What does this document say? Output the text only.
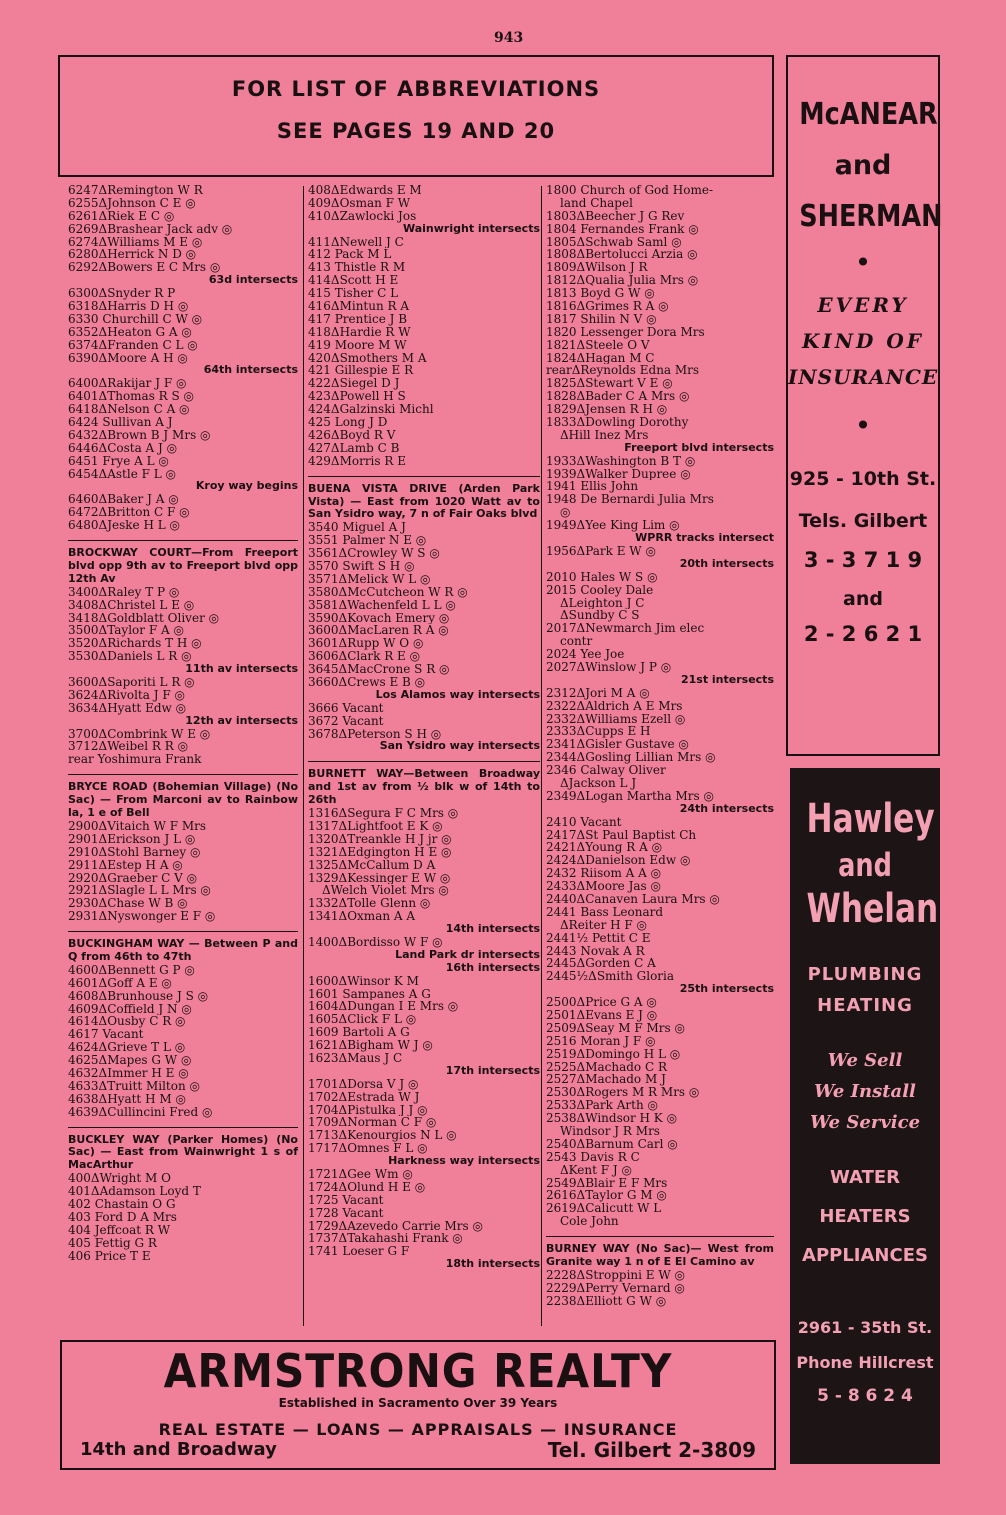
943
FOR LIST OF ABBREVIATIONS
SEE PAGES 19 AND 20
6247ΔRemington W R
6255ΔJohnson C E ◎
6261ΔRiek E C ◎
6269ΔBrashear Jack adv ◎
6274ΔWilliams M E ◎
6280ΔHerrick N D ◎
6292ΔBowers E C Mrs ◎
63d intersects
6300ΔSnyder R P
6318ΔHarris D H ◎
6330 Churchill C W ◎
6352ΔHeaton G A ◎
6374ΔFranden C L ◎
6390ΔMoore A H ◎
64th intersects
6400ΔRakijar J F ◎
6401ΔThomas R S ◎
6418ΔNelson C A ◎
6424 Sullivan A J
6432ΔBrown B J Mrs ◎
6446ΔCosta A J ◎
6451 Frye A L ◎
6454ΔAstle F L ◎
Kroy way begins
6460ΔBaker J A ◎
6472ΔBritton C F ◎
6480ΔJeske H L ◎
BROCKWAY COURT—From Freeport blvd opp 9th av to Freeport blvd opp 12th Av
3400ΔRaley T P ◎
3408ΔChristel L E ◎
3418ΔGoldblatt Oliver ◎
3500ΔTaylor F A ◎
3520ΔRichards T H ◎
3530ΔDaniels L R ◎
11th av intersects
3600ΔSaporiti L R ◎
3624ΔRivolta J F ◎
3634ΔHyatt Edw ◎
12th av intersects
3700ΔCombrink W E ◎
3712ΔWeibel R R ◎
rear Yoshimura Frank
BRYCE ROAD (Bohemian Village) (No Sac) — From Marconi av to Rainbow la, 1 e of Bell
2900ΔVitaich W F Mrs
2901ΔErickson J L ◎
2910ΔStohl Barney ◎
2911ΔEstep H A ◎
2920ΔGraeber C V ◎
2921ΔSlagle L L Mrs ◎
2930ΔChase W B ◎
2931ΔNyswonger E F ◎
BUCKINGHAM WAY — Between P and Q from 46th to 47th
4600ΔBennett G P ◎
4601ΔGoff A E ◎
4608ΔBrunhouse J S ◎
4609ΔCoffield J N ◎
4614ΔOusby C R ◎
4617 Vacant
4624ΔGrieve T L ◎
4625ΔMapes G W ◎
4632ΔImmer H E ◎
4633ΔTruitt Milton ◎
4638ΔHyatt H M ◎
4639ΔCullincini Fred ◎
BUCKLEY WAY (Parker Homes) (No Sac) — East from Wainwright 1 s of MacArthur
400ΔWright M O
401ΔAdamson Loyd T
402 Chastain O G
403 Ford D A Mrs
404 Jeffcoat R W
405 Fettig G R
406 Price T E
408ΔEdwards E M
409ΔOsman F W
410ΔZawlocki Jos
Wainwright intersects
411ΔNewell J C
412 Pack M L
413 Thistle R M
414ΔScott H E
415 Tisher C L
416ΔMintun R A
417 Prentice J B
418ΔHardie R W
419 Moore M W
420ΔSmothers M A
421 Gillespie E R
422ΔSiegel D J
423ΔPowell H S
424ΔGalzinski Michl
425 Long J D
426ΔBoyd R V
427ΔLamb C B
429ΔMorris R E
BUENA VISTA DRIVE (Arden Park Vista) — East from 1020 Watt av to San Ysidro way, 7 n of Fair Oaks blvd
3540 Miguel A J
3551 Palmer N E ◎
3561ΔCrowley W S ◎
3570 Swift S H ◎
3571ΔMelick W L ◎
3580ΔMcCutcheon W R ◎
3581ΔWachenfeld L L ◎
3590ΔKovach Emery ◎
3600ΔMacLaren R A ◎
3601ΔRupp W O ◎
3606ΔClark R E ◎
3645ΔMacCrone S R ◎
3660ΔCrews E B ◎
Los Alamos way intersects
3666 Vacant
3672 Vacant
3678ΔPeterson S H ◎
San Ysidro way intersects
BURNETT WAY—Between Broadway and 1st av from ½ blk w of 14th to 26th
1316ΔSegura F C Mrs ◎
1317ΔLightfoot E K ◎
1320ΔTreankle H J jr ◎
1321ΔEdgington H E ◎
1325ΔMcCallum D A
1329ΔKessinger E W ◎
ΔWelch Violet Mrs ◎
1332ΔTolle Glenn ◎
1341ΔOxman A A
14th intersects
1400ΔBordisso W F ◎
Land Park dr intersects
16th intersects
1600ΔWinsor K M
1601 Sampanes A G
1604ΔDungan I E Mrs ◎
1605ΔClick F L ◎
1609 Bartoli A G
1621ΔBigham W J ◎
1623ΔMaus J C
17th intersects
1701ΔDorsa V J ◎
1702ΔEstrada W J
1704ΔPistulka J J ◎
1709ΔNorman C F ◎
1713ΔKenourgios N L ◎
1717ΔOmnes F L ◎
Harkness way intersects
1721ΔGee Wm ◎
1724ΔOlund H E ◎
1725 Vacant
1728 Vacant
1729ΔAzevedo Carrie Mrs ◎
1737ΔTakahashi Frank ◎
1741 Loeser G F
18th intersects
1800 Church of God Home-
land Chapel
1803ΔBeecher J G Rev
1804 Fernandes Frank ◎
1805ΔSchwab Saml ◎
1808ΔBertolucci Arzia ◎
1809ΔWilson J R
1812ΔQualia Julia Mrs ◎
1813 Boyd G W ◎
1816ΔGrimes R A ◎
1817 Shilin N V ◎
1820 Lessenger Dora Mrs
1821ΔSteele O V
1824ΔHagan M C
rearΔReynolds Edna Mrs
1825ΔStewart V E ◎
1828ΔBader C A Mrs ◎
1829ΔJensen R H ◎
1833ΔDowling Dorothy
ΔHill Inez Mrs
Freeport blvd intersects
1933ΔWashington B T ◎
1939ΔWalker Dupree ◎
1941 Ellis John
1948 De Bernardi Julia Mrs
◎
1949ΔYee King Lim ◎
WPRR tracks intersect
1956ΔPark E W ◎
20th intersects
2010 Hales W S ◎
2015 Cooley Dale
ΔLeighton J C
ΔSundby C S
2017ΔNewmarch Jim elec
contr
2024 Yee Joe
2027ΔWinslow J P ◎
21st intersects
2312ΔJori M A ◎
2322ΔAldrich A E Mrs
2332ΔWilliams Ezell ◎
2333ΔCupps E H
2341ΔGisler Gustave ◎
2344ΔGosling Lillian Mrs ◎
2346 Calway Oliver
ΔJackson L J
2349ΔLogan Martha Mrs ◎
24th intersects
2410 Vacant
2417ΔSt Paul Baptist Ch
2421ΔYoung R A ◎
2424ΔDanielson Edw ◎
2432 Riisom A A ◎
2433ΔMoore Jas ◎
2440ΔCanaven Laura Mrs ◎
2441 Bass Leonard
ΔReiter H F ◎
2441½ Pettit C E
2443 Novak A R
2445ΔGorden C A
2445½ΔSmith Gloria
25th intersects
2500ΔPrice G A ◎
2501ΔEvans E J ◎
2509ΔSeay M F Mrs ◎
2516 Moran J F ◎
2519ΔDomingo H L ◎
2525ΔMachado C R
2527ΔMachado M J
2530ΔRogers M R Mrs ◎
2533ΔPark Arth ◎
2538ΔWindsor H K ◎
Windsor J R Mrs
2540ΔBarnum Carl ◎
2543 Davis R C
ΔKent F J ◎
2549ΔBlair E F Mrs
2616ΔTaylor G M ◎
2619ΔCalicutt W L
Cole John
BURNEY WAY (No Sac)— West from Granite way 1 n of E El Camino av
2228ΔStroppini E W ◎
2229ΔPerry Vernard ◎
2238ΔElliott G W ◎
McANEAR
and
SHERMAN
•
EVERY
KIND OF
INSURANCE
•
925 - 10th St.
Tels. Gilbert
3 - 3 7 1 9
and
2 - 2 6 2 1
Hawley
and
Whelan
PLUMBING
HEATING
We Sell
We Install
We Service
WATER
HEATERS
APPLIANCES
2961 - 35th St.
Phone Hillcrest
5 - 8 6 2 4
ARMSTRONG REALTY
Established in Sacramento Over 39 Years
REAL ESTATE — LOANS — APPRAISALS — INSURANCE
14th and Broadway	Tel. Gilbert 2-3809
